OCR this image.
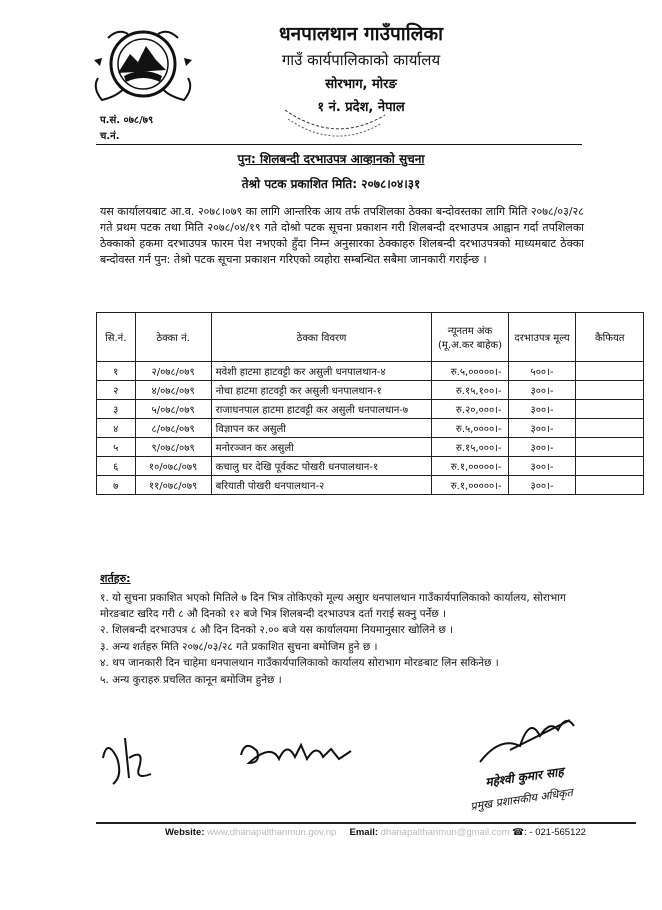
धनपालथान गाउँपालिका
गाउँ कार्यपालिकाको कार्यालय
सोरभाग, मोरङ
१ नं. प्रदेश, नेपाल
प.सं. ०७८/७९
च.नं.
पुन: शिलबन्दी दरभाउपत्र आव्हानको सुचना
तेश्रो पटक प्रकाशित मिति: २०७८।०४।३१
यस कार्यालयबाट आ.व. २०७८।०७९ का लागि आन्तरिक आय तर्फ तपशिलका ठेक्का बन्दोवस्तका लागि मिति २०७८/०३/२८ गते प्रथम पटक तथा मिति २०७८/०४/१९ गते दोश्रो पटक सूचना प्रकाशन गरी शिलबन्दी दरभाउपत्र आह्वान गर्दा तपशिलका ठेक्काको हकमा दरभाउपत्र फारम पेश नभएको हुँदा निम्न अनुसारका ठेक्काहरु शिलबन्दी दरभाउपत्रको माध्यमबाट ठेक्का बन्दोवस्त गर्न पुन: तेश्रो पटक सूचना प्रकाशन गरिएको व्यहोरा सम्बन्धित सबैमा जानकारी गराईन्छ ।
सि.नं.	ठेक्का नं.	ठेक्का विवरण	न्यूनतम अंक (मू.अ.कर बाहेक)	दरभाउपत्र मूल्य	कैफियत
१	२/०७८/०७९	मवेशी हाटमा हाटवट्टी कर असुली धनपालथान-४	रु.५,०००००।-	५००।-	
२	४/०७८/०७९	नोचा हाटमा हाटवट्टी कर असुली धनपालथान-१	रु.१५,१००।-	३००।-	
३	५/०७८/०७९	राजाधनपाल हाटमा हाटवट्टी कर असुली धनपालथान-७	रु.२०,०००।-	३००।-	
४	८/०७८/०७९	विज्ञापन कर असुली	रु.५,००००।-	३००।-	
५	९/०७८/०७९	मनोरञ्जन कर असुली	रु.१५,०००।-	३००।-	
६	१०/०७८/०७९	कचालु घर देखि पूर्वकट पोखरी धनपालथान-१	रु.१,०००००।-	३००।-	
७	११/०७८/०७९	बरियाती पोखरी धनपालथान-२	रु.१,०००००।-	३००।-	
शर्तहरु:
१. यो सुचना प्रकाशित भएको मितिले ७ दिन भित्र तोकिएको मूल्य असुार धनपालथान गाउँकार्यपालिकाको कार्यालय, सोराभाग मोरङबाट खरिद गरी ८ औ दिनको १२ बजे भित्र शिलबन्दी दरभाउपत्र दर्ता गराई सक्नु पर्नेछ ।
२. शिलबन्दी दरभाउपत्र ८ औ दिन दिनको २.०० बजे यस कार्यालयमा नियमानुसार खोलिने छ ।
३. अन्य शर्तहरु मिति २०७८/०३/२८ गते प्रकाशित सुचना बमोजिम हुने छ ।
४. थप जानकारी दिन चाहेमा धनपालथान गाउँकार्यपालिकाको कार्यालय सोराभाग मोरङबाट लिन सकिनेछ ।
५. अन्य कुराहरु प्रचलित कानून बमोजिम हुनेछ ।
महेश्वी कुमार साह
प्रमुख प्रशासकीय अधिकृत
Website: www.dhanapalthanmun.gov.np Email: dhanapalthanmun@gmail.com ☎: - 021-565122
